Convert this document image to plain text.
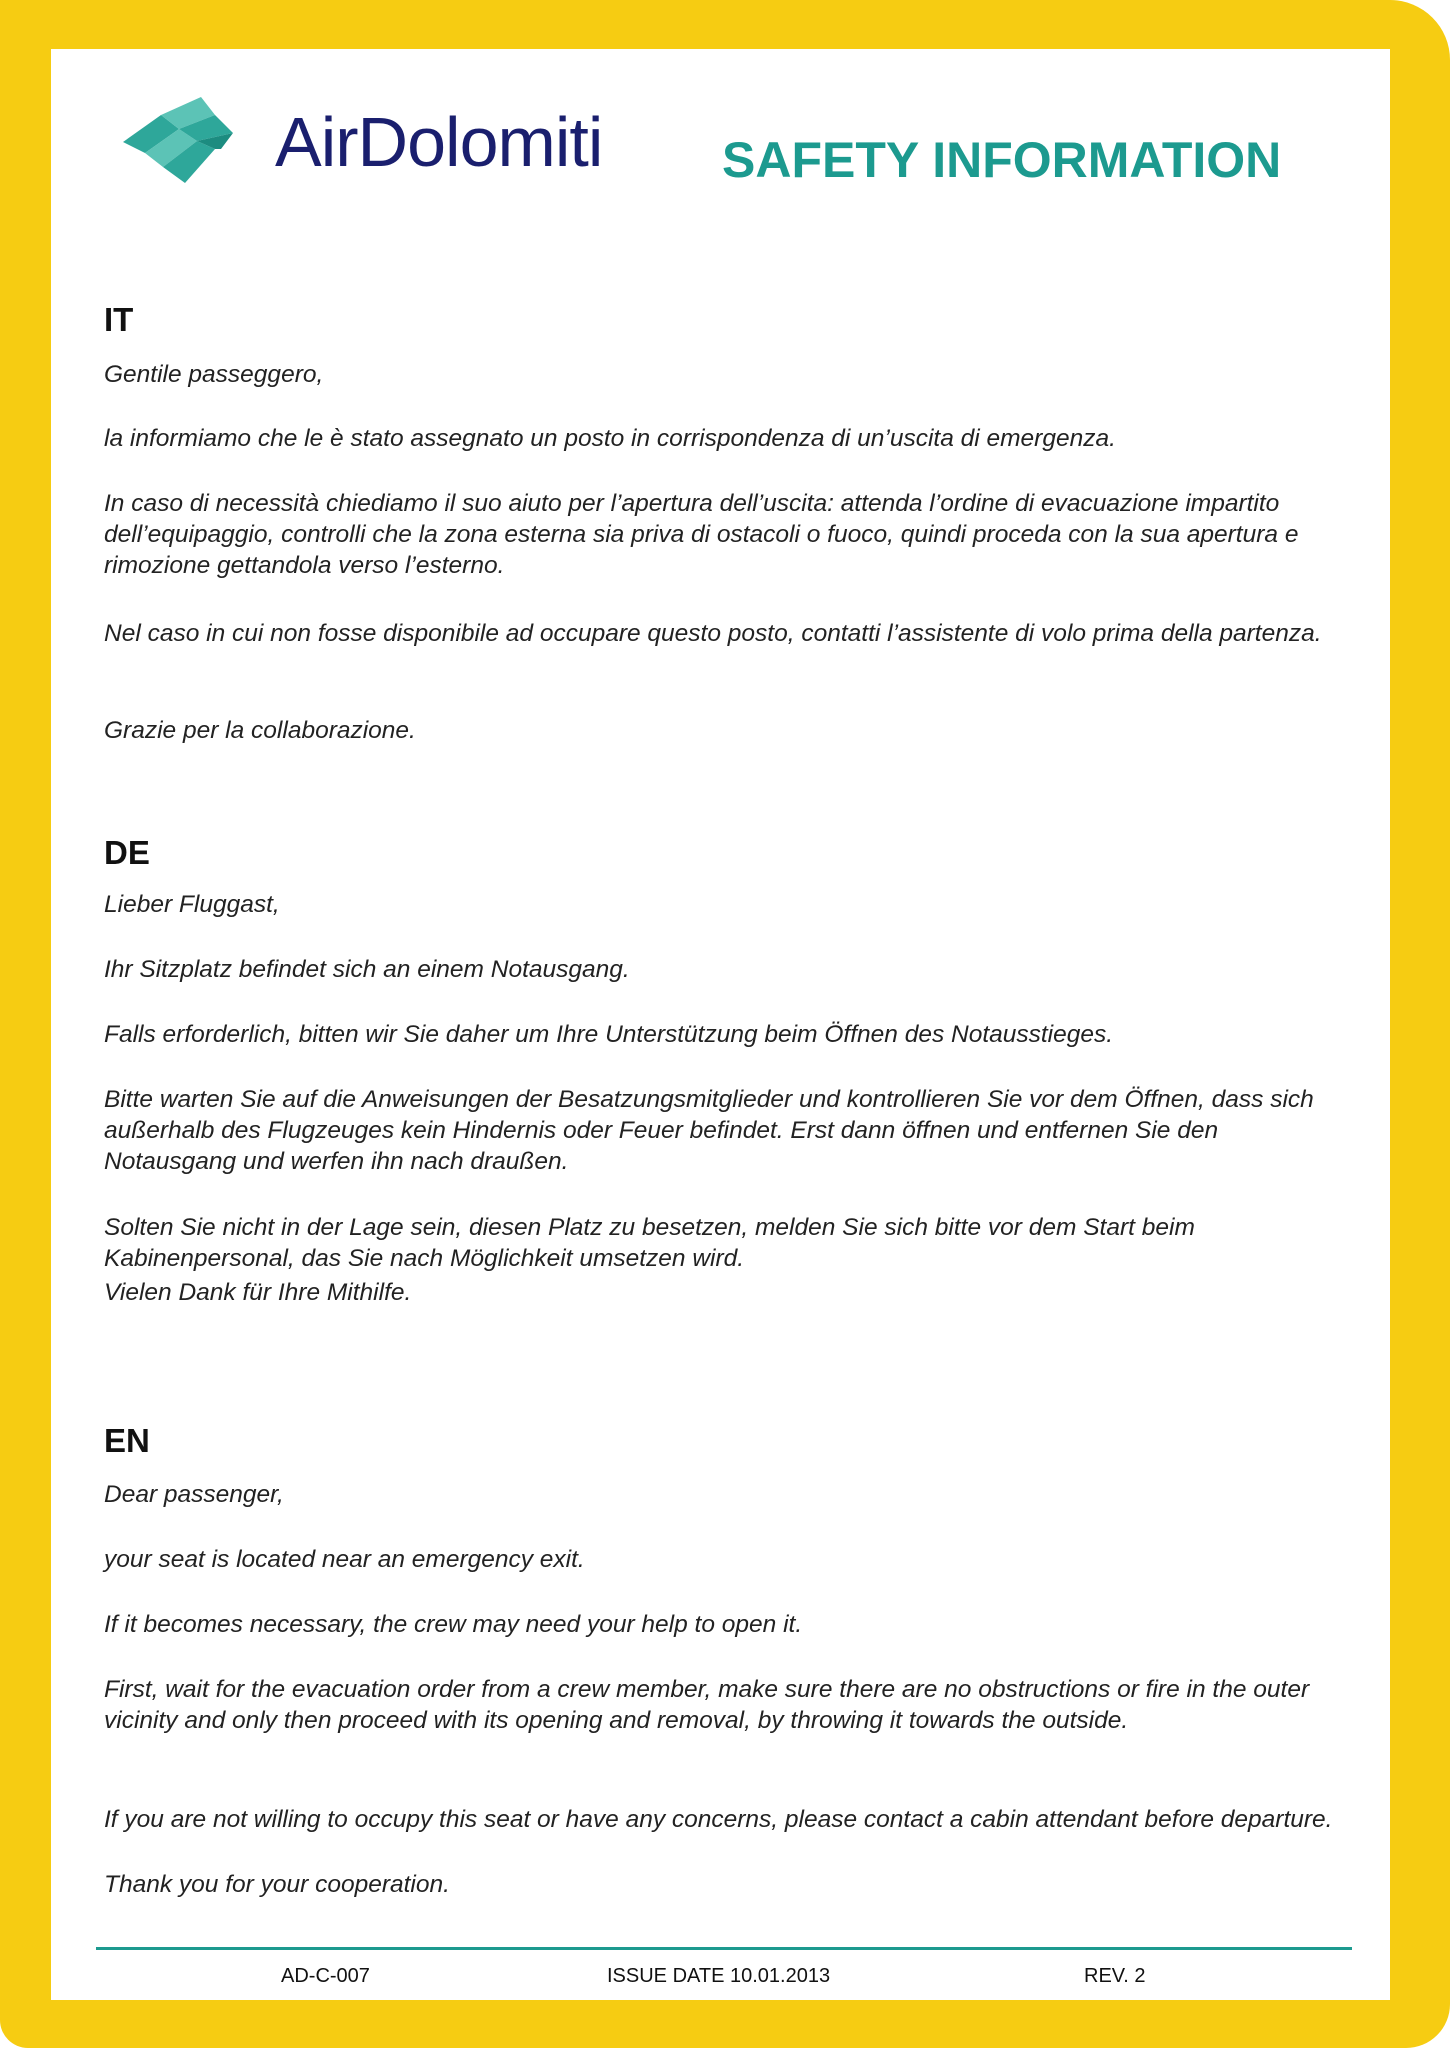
AirDolomiti SAFETY INFORMATION
IT

Gentile passeggero,

la informiamo che le è stato assegnato un posto in corrispondenza di un’uscita di emergenza.

In caso di necessità chiediamo il suo aiuto per l’apertura dell’uscita: attenda l’ordine di evacuazione impartito dell’equipaggio, controlli che la zona esterna sia priva di ostacoli o fuoco, quindi proceda con la sua apertura e rimozione gettandola verso l’esterno.

Nel caso in cui non fosse disponibile ad occupare questo posto, contatti l’assistente di volo prima della partenza.

Grazie per la collaborazione.

DE

Lieber Fluggast,

Ihr Sitzplatz befindet sich an einem Notausgang.

Falls erforderlich, bitten wir Sie daher um Ihre Unterstützung beim Öffnen des Notausstieges.

Bitte warten Sie auf die Anweisungen der Besatzungsmitglieder und kontrollieren Sie vor dem Öffnen, dass sich außerhalb des Flugzeuges kein Hindernis oder Feuer befindet. Erst dann öffnen und entfernen Sie den Notausgang und werfen ihn nach draußen.

Solten Sie nicht in der Lage sein, diesen Platz zu besetzen, melden Sie sich bitte vor dem Start beim Kabinenpersonal, das Sie nach Möglichkeit umsetzen wird.

Vielen Dank für Ihre Mithilfe.

EN

Dear passenger,

your seat is located near an emergency exit.

If it becomes necessary, the crew may need your help to open it.

First, wait for the evacuation order from a crew member, make sure there are no obstructions or fire in the outer vicinity and only then proceed with its opening and removal, by throwing it towards the outside.

If you are not willing to occupy this seat or have any concerns, please contact a cabin attendant before departure.

Thank you for your cooperation.

AD-C-007	ISSUE DATE 10.01.2013	REV. 2
